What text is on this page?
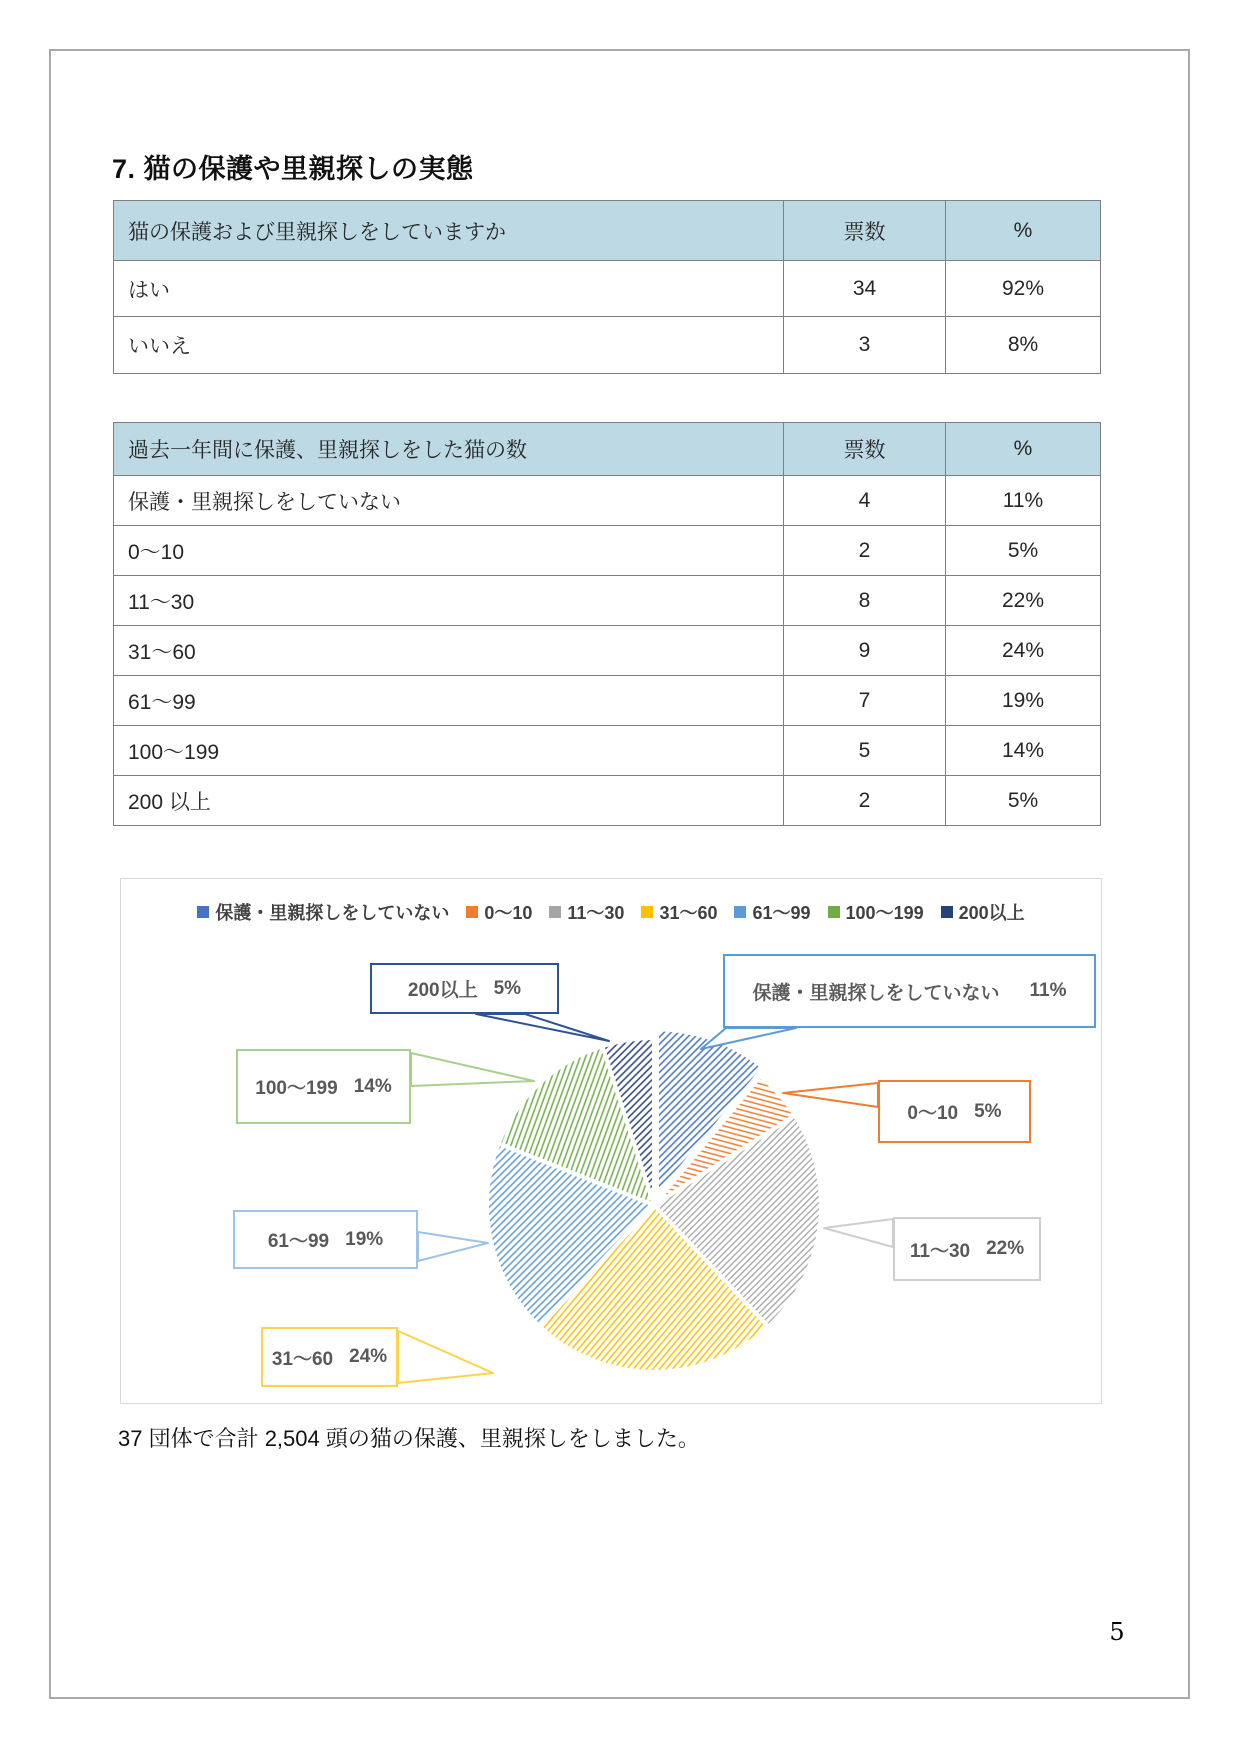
7. 猫の保護や里親探しの実態
猫の保護および里親探しをしていますか	票数	%
はい	34	92%
いいえ	3	8%
過去一年間に保護、里親探しをした猫の数	票数	%
保護・里親探しをしていない	4	11%
0〜10	2	5%
11〜30	8	22%
31〜60	9	24%
61〜99	7	19%
100〜199	5	14%
200 以上	2	5%
保護・里親探しをしていない 0〜10 11〜30 31〜60 61〜99 100〜199 200以上
保護・里親探しをしていない 11%
0〜10 5%
11〜30 22%
31〜60 24%
61〜99 19%
100〜199 14%
200以上 5%
37 団体で合計 2,504 頭の猫の保護、里親探しをしました。
5
